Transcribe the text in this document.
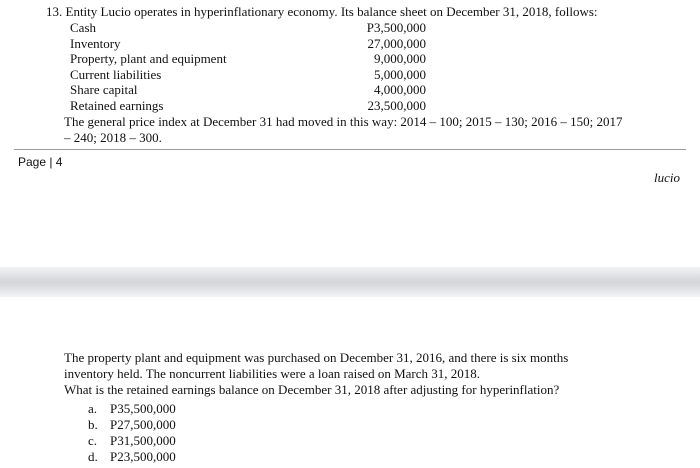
13. Entity Lucio operates in hyperinflationary economy. Its balance sheet on December 31, 2018, follows:
Cash	P3,500,000
Inventory	27,000,000
Property, plant and equipment	9,000,000
Current liabilities	5,000,000
Share capital	4,000,000
Retained earnings	23,500,000
The general price index at December 31 had moved in this way: 2014 – 100; 2015 – 130; 2016 – 150; 2017
– 240; 2018 – 300.
Page | 4
lucio
The property plant and equipment was purchased on December 31, 2016, and there is six months
inventory held. The noncurrent liabilities were a loan raised on March 31, 2018.
What is the retained earnings balance on December 31, 2018 after adjusting for hyperinflation?
a. P35,500,000
b. P27,500,000
c. P31,500,000
d. P23,500,000
